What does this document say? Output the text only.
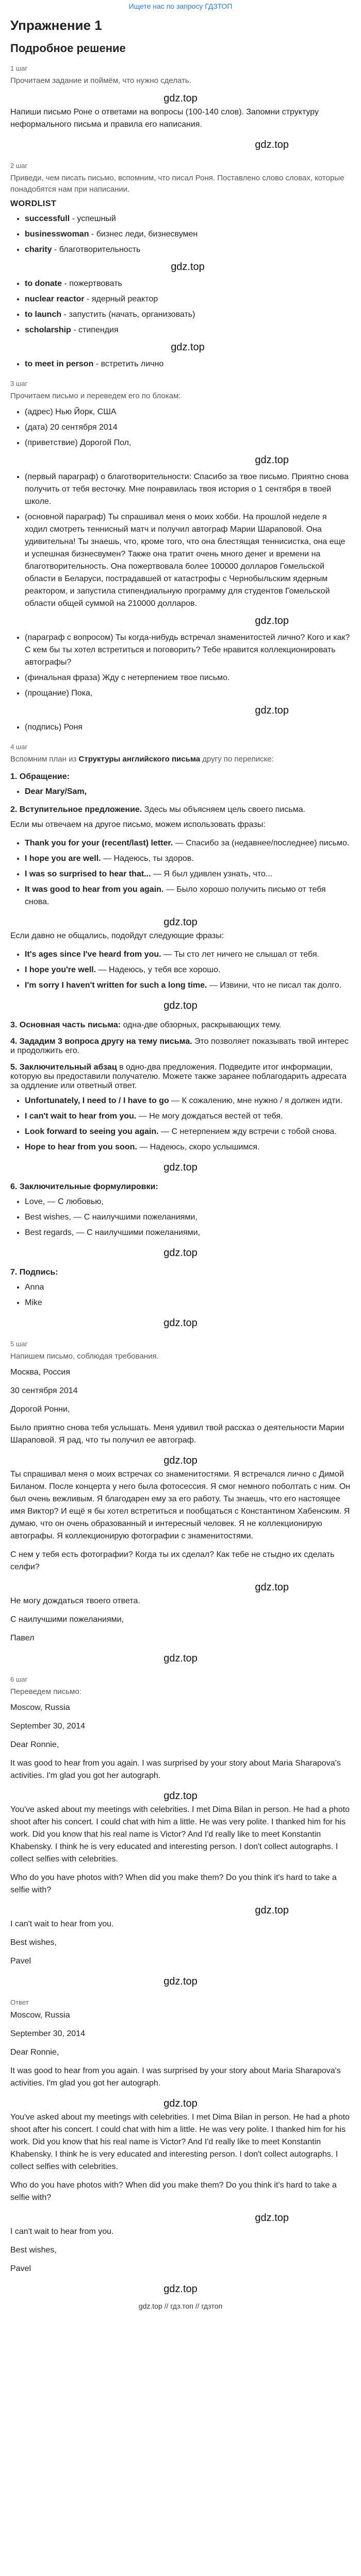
Ищете нас по запросу ГДЗТОП
Упражнение 1
Подробное решение
1 шаг
Прочитаем задание и поймём, что нужно сделать.
gdz.top

Напиши письмо Роне о ответами на вопросы (100-140 слов). Запомни структуру неформального письма и правила его написания.

gdz.top
2 шаг
Приведи, чем писать письмо, вспомним, что писал Роня. Поставлено слово словах, которые понадобятся нам при написании.
WORDLIST
• successfull - успешный
• businesswoman - бизнес леди, бизнесвумен
• charity - благотворительность
gdz.top
• to donate - пожертвовать
• nuclear reactor - ядерный реактор
• to launch - запустить (начать, организовать)
• scholarship - стипендия
gdz.top
• to meet in person - встретить лично
3 шаг
Прочитаем письмо и переведем его по блокам:
• (адрес) Нью Йорк, США
• (дата) 20 сентября 2014
• (приветствие) Дорогой Пол,
gdz.top
• (первый параграф) о благотворительности: Спасибо за твое письмо. Приятно снова получить от тебя весточку. Мне понравилась твоя история о 1 сентября в твоей школе.
• (основной параграф) Ты спрашивал меня о моих хобби. На прошлой неделе я ходил смотреть теннисный матч и получил автограф Марии Шараповой. Она удивительна! Ты знаешь, что, кроме того, что она блестящая теннисистка, она еще и успешная бизнесвумен? Также она тратит очень много денег и времени на благотворительность. Она пожертвовала более 100000 долларов Гомельской области в Беларуси, пострадавшей от катастрофы с Чернобыльским ядерным реактором, и запустила стипендиальную программу для студентов Гомельской области общей суммой на 210000 долларов.
gdz.top
• (параграф с вопросом) Ты когда-нибудь встречал знаменитостей лично? Кого и как? С кем бы ты хотел встретиться и поговорить? Тебе нравится коллекционировать автографы?
• (финальная фраза) Жду с нетерпением твое письмо.
• (прощание) Пока,
gdz.top
• (подпись) Роня
4 шаг
Вспомним план из Структуры английского письма другу по переписке:
1. Обращение:
• Dear Mary/Sam,
2. Вступительное предложение. Здесь мы объясняем цель своего письма.

Если мы отвечаем на другое письмо, можем использовать фразы:

• Thank you for your (recent/last) letter. — Спасибо за (недавнее/последнее) письмо.
• I hope you are well. — Надеюсь, ты здоров.
• I was so surprised to hear that... — Я был удивлен узнать, что...
• It was good to hear from you again. — Было хорошо получить письмо от тебя снова.
gdz.top

Если давно не общались, подойдут следующие фразы:

• It's ages since I've heard from you. — Ты сто лет ничего не слышал от тебя.
• I hope you're well. — Надеюсь, у тебя все хорошо.
• I'm sorry I haven't written for such a long time. — Извини, что не писал так долго.
gdz.top
3. Основная часть письма: одна-две обзорных, раскрывающих тему.
4. Зададим 3 вопроса другу на тему письма. Это позволяет показывать твой интерес и продолжить его.
5. Заключительный абзац в одно-два предложения. Подведите итог информации, которую вы предоставили получателю. Можете также заранее поблагодарить адресата за оддление или ответный ответ.
• Unfortunately, I need to / I have to go — К сожалению, мне нужно / я должен идти.
• I can't wait to hear from you. — Не могу дождаться вестей от тебя.
• Look forward to seeing you again. — С нетерпением жду встречи с тобой снова.
• Hope to hear from you soon. — Надеюсь, скоро услышимся.
gdz.top
6. Заключительные формулировки:
• Love, — С любовью,
• Best wishes, — С наилучшими пожеланиями,
• Best regards, — С наилучшими пожеланиями,
gdz.top
7. Подпись:
• Anna
• Mike
gdz.top
5 шаг
Напишем письмо, соблюдая требования.

Москва, Россия

30 сентября 2014

Дорогой Ронни,

Было приятно снова тебя услышать. Меня удивил твой рассказ о деятельности Марии Шараповой. Я рад, что ты получил ее автограф.

gdz.top

Ты спрашивал меня о моих встречах со знаменитостями. Я встречался лично с Димой Биланом. После концерта у него была фотосессия. Я смог немного поболтать с ним. Он был очень вежливым. Я благодарен ему за его работу. Ты знаешь, что его настоящее имя Виктор? И ещё я бы хотел встретиться и пообщаться с Константином Хабенским. Я думаю, что он очень образованный и интересный человек. Я не коллекционирую автографы. Я коллекционирую фотографии с знаменитостями.

С нем у тебя есть фотографии? Когда ты их сделал? Как тебе не стыдно их сделать селфи?

gdz.top

Не могу дождаться твоего ответа.

С наилучшими пожеланиями,

Павел

gdz.top
6 шаг
Переведем письмо:

Moscow, Russia

September 30, 2014

Dear Ronnie,

It was good to hear from you again. I was surprised by your story about Maria Sharapova's activities. I'm glad you got her autograph.

gdz.top

You've asked about my meetings with celebrities. I met Dima Bilan in person. He had a photo shoot after his concert. I could chat with him a little. He was very polite. I thanked him for his work. Did you know that his real name is Victor? And I'd really like to meet Konstantin Khabensky. I think he is very educated and interesting person. I don't collect autographs. I collect selfies with celebrities.

Who do you have photos with? When did you make them? Do you think it's hard to take a selfie with?

gdz.top

I can't wait to hear from you.

Best wishes,

Pavel

gdz.top
Ответ

Moscow, Russia

September 30, 2014

Dear Ronnie,

It was good to hear from you again. I was surprised by your story about Maria Sharapova's activities. I'm glad you got her autograph.

gdz.top

You've asked about my meetings with celebrities. I met Dima Bilan in person. He had a photo shoot after his concert. I could chat with him a little. He was very polite. I thanked him for his work. Did you know that his real name is Victor? And I'd really like to meet Konstantin Khabensky. I think he is very educated and interesting person. I don't collect autographs. I collect selfies with celebrities.

Who do you have photos with? When did you make them? Do you think it's hard to take a selfie with?

gdz.top

I can't wait to hear from you.

Best wishes,

Pavel

gdz.top
gdz.top // гдз.топ // гдзтоп
